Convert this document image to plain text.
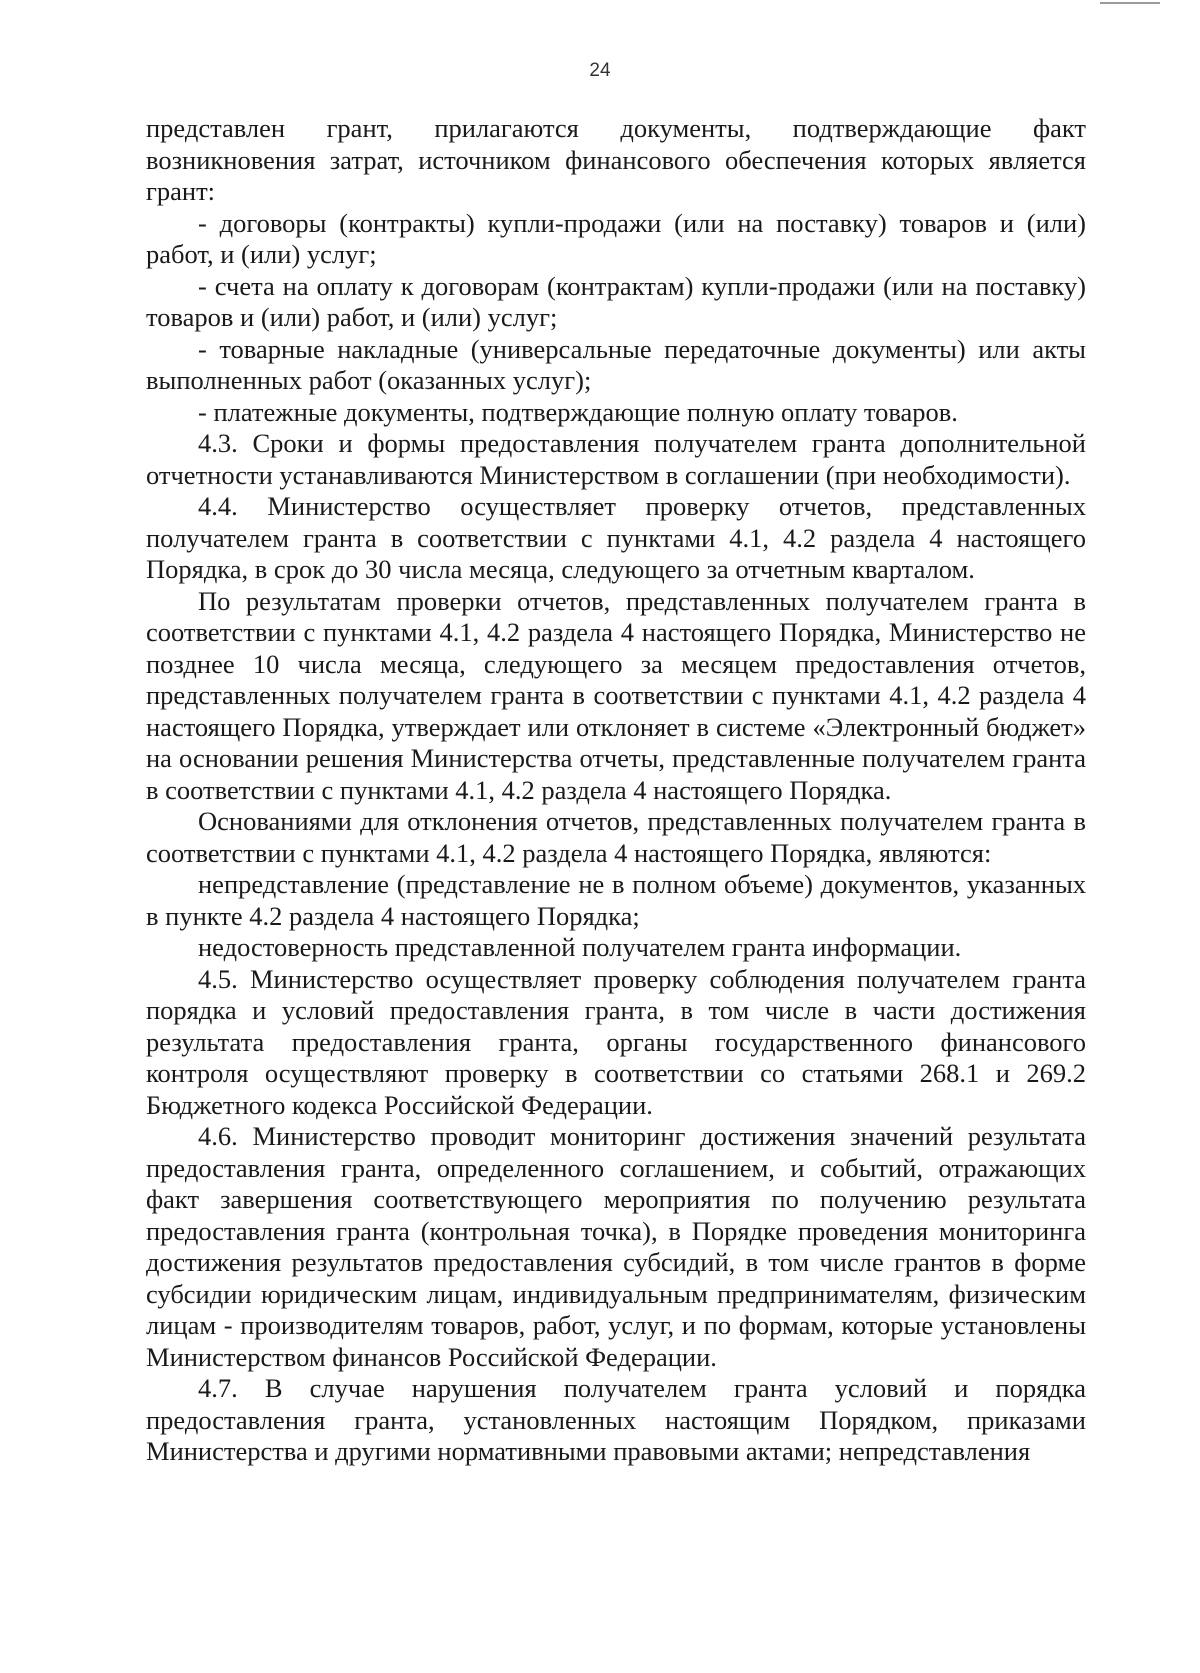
24

представлен грант, прилагаются документы, подтверждающие факт возникновения затрат, источником финансового обеспечения которых является грант:

- договоры (контракты) купли-продажи (или на поставку) товаров и (или) работ, и (или) услуг;

- счета на оплату к договорам (контрактам) купли-продажи (или на поставку) товаров и (или) работ, и (или) услуг;

- товарные накладные (универсальные передаточные документы) или акты выполненных работ (оказанных услуг);

- платежные документы, подтверждающие полную оплату товаров.

4.3. Сроки и формы предоставления получателем гранта дополнительной отчетности устанавливаются Министерством в соглашении (при необходимости).

4.4. Министерство осуществляет проверку отчетов, представленных получателем гранта в соответствии с пунктами 4.1, 4.2 раздела 4 настоящего Порядка, в срок до 30 числа месяца, следующего за отчетным кварталом.

По результатам проверки отчетов, представленных получателем гранта в соответствии с пунктами 4.1, 4.2 раздела 4 настоящего Порядка, Министерство не позднее 10 числа месяца, следующего за месяцем предоставления отчетов, представленных получателем гранта в соответствии с пунктами 4.1, 4.2 раздела 4 настоящего Порядка, утверждает или отклоняет в системе «Электронный бюджет» на основании решения Министерства отчеты, представленные получателем гранта в соответствии с пунктами 4.1, 4.2 раздела 4 настоящего Порядка.

Основаниями для отклонения отчетов, представленных получателем гранта в соответствии с пунктами 4.1, 4.2 раздела 4 настоящего Порядка, являются:

непредставление (представление не в полном объеме) документов, указанных в пункте 4.2 раздела 4 настоящего Порядка;

недостоверность представленной получателем гранта информации.

4.5. Министерство осуществляет проверку соблюдения получателем гранта порядка и условий предоставления гранта, в том числе в части достижения результата предоставления гранта, органы государственного финансового контроля осуществляют проверку в соответствии со статьями 268.1 и 269.2 Бюджетного кодекса Российской Федерации.

4.6. Министерство проводит мониторинг достижения значений результата предоставления гранта, определенного соглашением, и событий, отражающих факт завершения соответствующего мероприятия по получению результата предоставления гранта (контрольная точка), в Порядке проведения мониторинга достижения результатов предоставления субсидий, в том числе грантов в форме субсидии юридическим лицам, индивидуальным предпринимателям, физическим лицам - производителям товаров, работ, услуг, и по формам, которые установлены Министерством финансов Российской Федерации.

4.7. В случае нарушения получателем гранта условий и порядка предоставления гранта, установленных настоящим Порядком, приказами Министерства и другими нормативными правовыми актами; непредставления
